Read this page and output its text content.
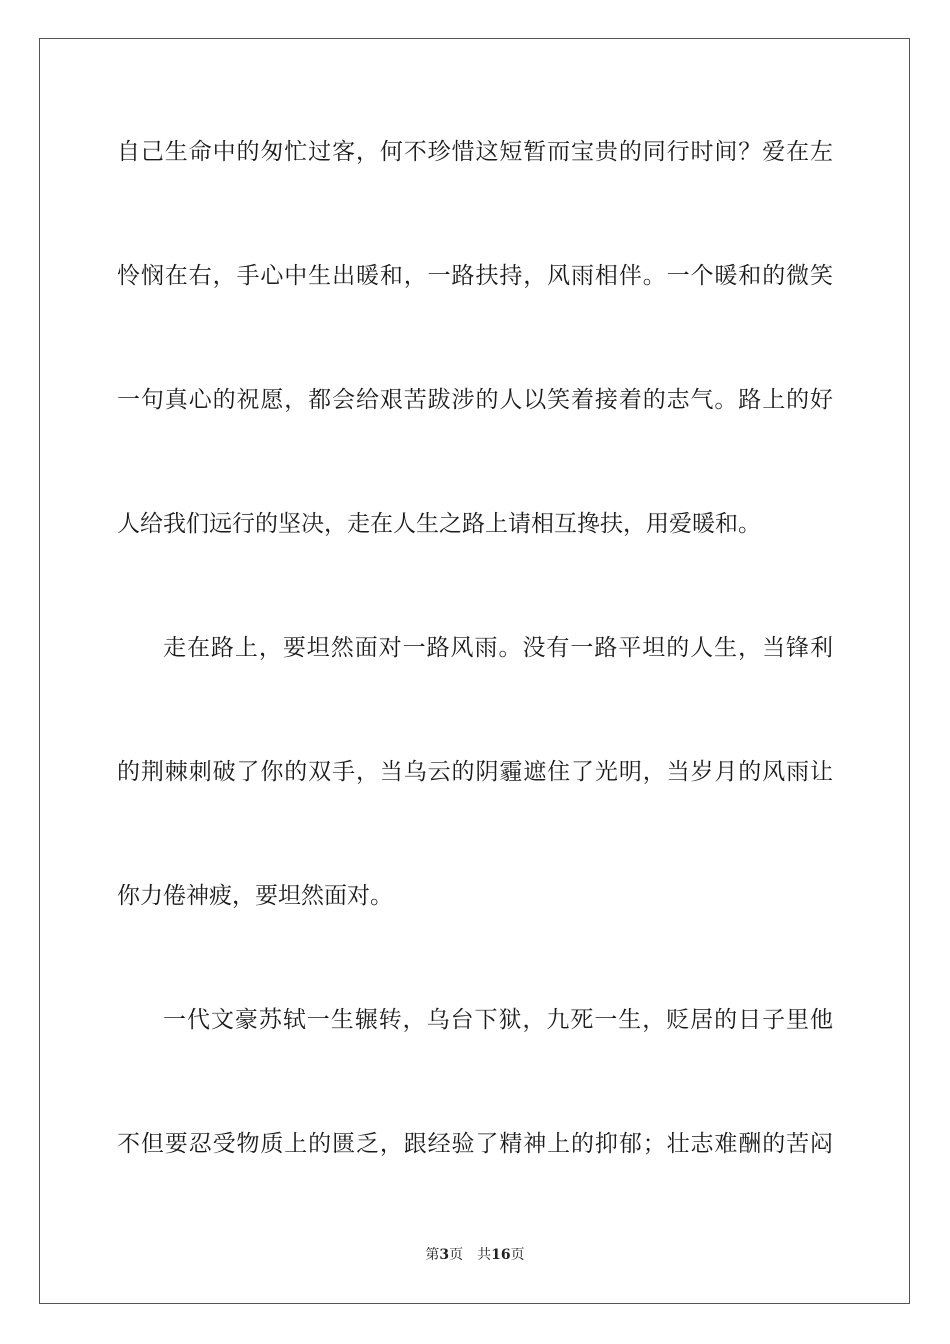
自己生命中的匆忙过客，何不珍惜这短暂而宝贵的同行时间？爱在左
怜悯在右，手心中生出暖和，一路扶持，风雨相伴。一个暖和的微笑
一句真心的祝愿，都会给艰苦跋涉的人以笑着接着的志气。路上的好
人给我们远行的坚决，走在人生之路上请相互搀扶，用爱暖和。
走在路上，要坦然面对一路风雨。没有一路平坦的人生，当锋利
的荆棘刺破了你的双手，当乌云的阴霾遮住了光明，当岁月的风雨让
你力倦神疲，要坦然面对。
一代文豪苏轼一生辗转，乌台下狱，九死一生，贬居的日子里他
不但要忍受物质上的匮乏，跟经验了精神上的抑郁；壮志难酬的苦闷
第3页 共16页
